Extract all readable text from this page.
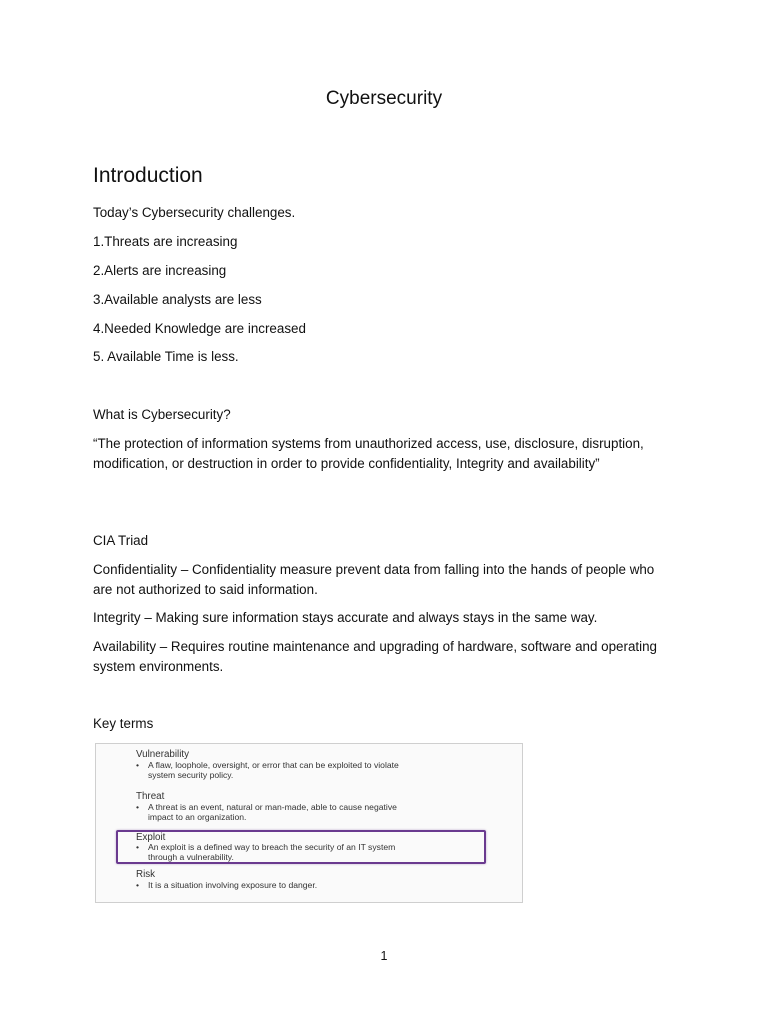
Cybersecurity
Introduction
Today’s Cybersecurity challenges.
1.Threats are increasing
2.Alerts are increasing
3.Available analysts are less
4.Needed Knowledge are increased
5. Available Time is less.
What is Cybersecurity?
“The protection of information systems from unauthorized access, use, disclosure, disruption, modification, or destruction in order to provide confidentiality, Integrity and availability”
CIA Triad
Confidentiality – Confidentiality measure prevent data from falling into the hands of people who are not authorized to said information.
Integrity – Making sure information stays accurate and always stays in the same way.
Availability – Requires routine maintenance and upgrading of hardware, software and operating system environments.
Key terms
Vulnerability
• A flaw, loophole, oversight, or error that can be exploited to violate
system security policy.
Threat
• A threat is an event, natural or man-made, able to cause negative
impact to an organization.
Exploit
• An exploit is a defined way to breach the security of an IT system
through a vulnerability.
Risk
• It is a situation involving exposure to danger.
1
